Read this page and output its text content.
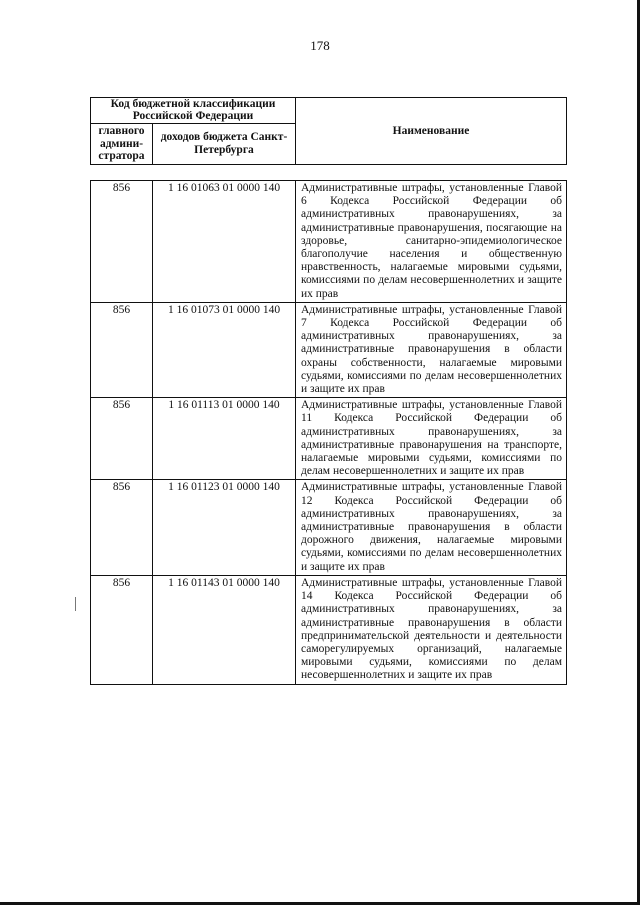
178
Код бюджетной классификации Российской Федерации		Наименование
главного админи-стратора	доходов бюджета Санкт-Петербурга	
856	1 16 01063 01 0000 140	Административные штрафы, установленные Главой 6 Кодекса Российской Федерации об административных правонарушениях, за административные правонарушения, посягающие на здоровье, санитарно-эпидемиологическое благополучие населения и общественную нравственность, налагаемые мировыми судьями, комиссиями по делам несовершеннолетних и защите их прав
856	1 16 01073 01 0000 140	Административные штрафы, установленные Главой 7 Кодекса Российской Федерации об административных правонарушениях, за административные правонарушения в области охраны собственности, налагаемые мировыми судьями, комиссиями по делам несовершеннолетних и защите их прав
856	1 16 01113 01 0000 140	Административные штрафы, установленные Главой 11 Кодекса Российской Федерации об административных правонарушениях, за административные правонарушения на транспорте, налагаемые мировыми судьями, комиссиями по делам несовершеннолетних и защите их прав
856	1 16 01123 01 0000 140	Административные штрафы, установленные Главой 12 Кодекса Российской Федерации об административных правонарушениях, за административные правонарушения в области дорожного движения, налагаемые мировыми судьями, комиссиями по делам несовершеннолетних и защите их прав
856	1 16 01143 01 0000 140	Административные штрафы, установленные Главой 14 Кодекса Российской Федерации об административных правонарушениях, за административные правонарушения в области предпринимательской деятельности и деятельности саморегулируемых организаций, налагаемые мировыми судьями, комиссиями по делам несовершеннолетних и защите их прав
